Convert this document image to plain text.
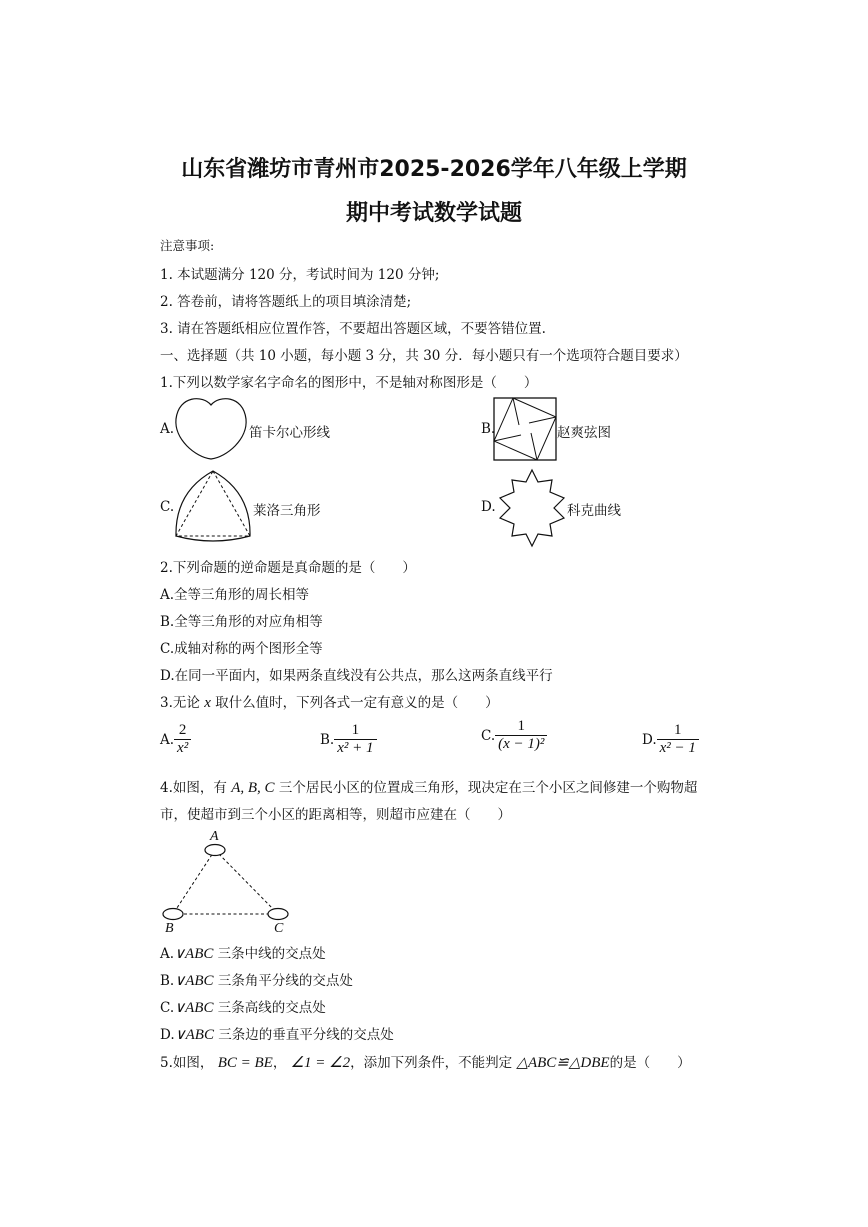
山东省潍坊市青州市2025-2026学年八年级上学期
期中考试数学试题
注意事项:
1. 本试题满分 120 分，考试时间为 120 分钟;
2. 答卷前，请将答题纸上的项目填涂清楚;
3. 请在答题纸相应位置作答，不要超出答题区域，不要答错位置.
一、选择题（共 10 小题，每小题 3 分，共 30 分．每小题只有一个选项符合题目要求）
1.下列以数学家名字命名的图形中，不是轴对称图形是（　　）
A.	笛卡尔心形线	B.	赵爽弦图
C.	莱洛三角形	D.	科克曲线
2.下列命题的逆命题是真命题的是（　　）
A.全等三角形的周长相等
B.全等三角形的对应角相等
C.成轴对称的两个图形全等
D.在同一平面内，如果两条直线没有公共点，那么这两条直线平行
3.无论 x 取什么值时，下列各式一定有意义的是（　　）
A. $\frac{2}{\text{x²}}$	B. $\frac{1}{\text{x² + 1}}$	C. $\frac{1}{\text{(x − 1)²}}$	D. $\frac{1}{\text{x² − 1}}$
4.如图，有 A, B, C 三个居民小区的位置成三角形，现决定在三个小区之间修建一个购物超
市，使超市到三个小区的距离相等，则超市应建在（　　）
A
B	C
A.∨ABC 三条中线的交点处
B.∨ABC 三条角平分线的交点处
C.∨ABC 三条高线的交点处
D.∨ABC 三条边的垂直平分线的交点处
5.如图， BC = BE， ∠1 = ∠2，添加下列条件，不能判定 △ABC≌△DBE的是（　　）
